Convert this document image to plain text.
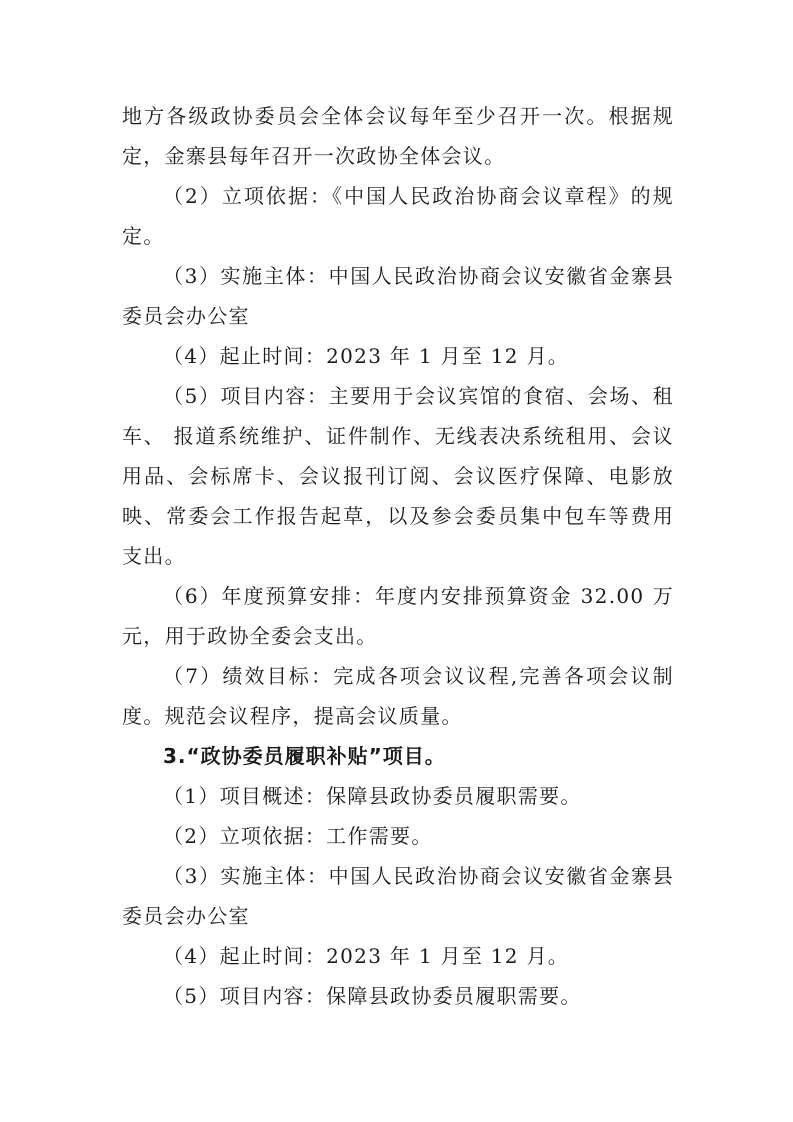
地方各级政协委员会全体会议每年至少召开一次。根据规定，金寨县每年召开一次政协全体会议。

（2）立项依据：《中国人民政治协商会议章程》的规定。

（3）实施主体：中国人民政治协商会议安徽省金寨县委员会办公室

（4）起止时间：2023 年 1 月至 12 月。

（5）项目内容：主要用于会议宾馆的食宿、会场、租车、 报道系统维护、证件制作、无线表决系统租用、会议用品、会标席卡、会议报刊订阅、会议医疗保障、电影放映、常委会工作报告起草，以及参会委员集中包车等费用支出。

（6）年度预算安排：年度内安排预算资金 32.00 万元，用于政协全委会支出。

（7）绩效目标：完成各项会议议程,完善各项会议制度。规范会议程序，提高会议质量。

3.“政协委员履职补贴”项目。

（1）项目概述：保障县政协委员履职需要。

（2）立项依据：工作需要。

（3）实施主体：中国人民政治协商会议安徽省金寨县委员会办公室

（4）起止时间：2023 年 1 月至 12 月。

（5）项目内容：保障县政协委员履职需要。
